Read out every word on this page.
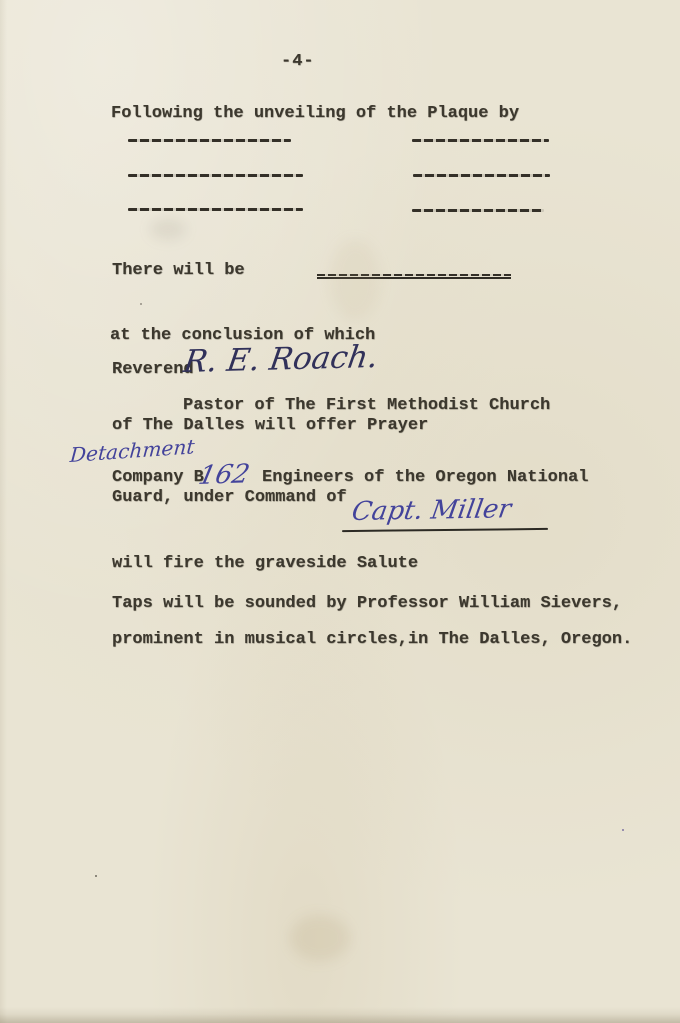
-4-
Following the unveiling of the Plaque by
There will be
at the conclusion of which
Reverend
R. E. Roach.
Pastor of The First Methodist Church
of The Dalles will offer Prayer
Detachment
Company B
162 Engineers of the Oregon National
Guard, under Command of Capt. Miller
will fire the graveside Salute
Taps will be sounded by Professor William Sievers,
prominent in musical circles,in The Dalles, Oregon.
